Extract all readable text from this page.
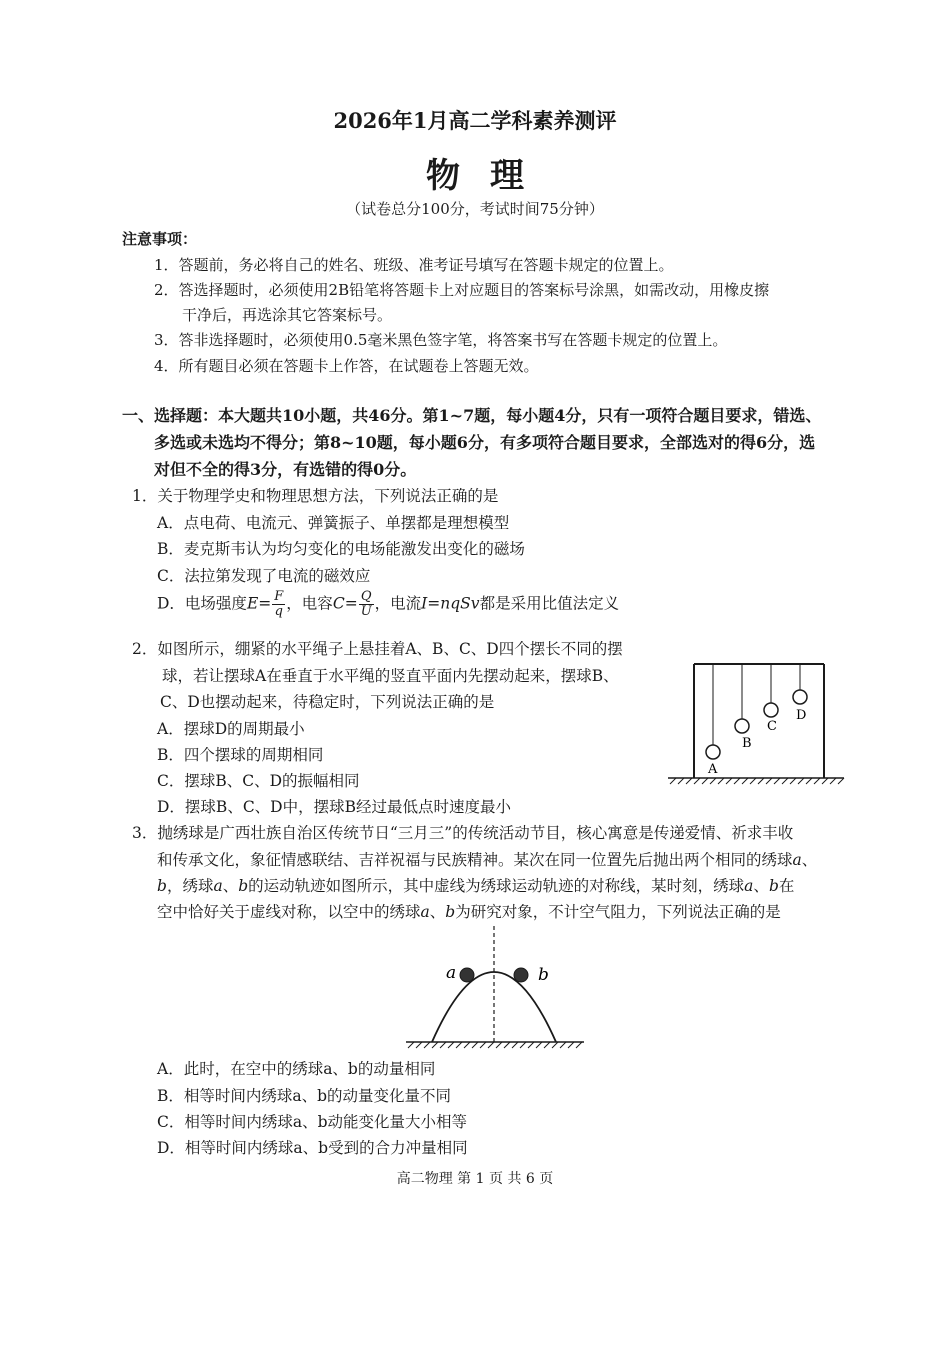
2026年1月高二学科素养测评
物理
（试卷总分100分，考试时间75分钟）
注意事项：
1．答题前，务必将自己的姓名、班级、准考证号填写在答题卡规定的位置上。
2．答选择题时，必须使用2B铅笔将答题卡上对应题目的答案标号涂黑，如需改动，用橡皮擦
干净后，再选涂其它答案标号。
3．答非选择题时，必须使用0.5毫米黑色签字笔，将答案书写在答题卡规定的位置上。
4．所有题目必须在答题卡上作答，在试题卷上答题无效。
一、选择题：本大题共10小题，共46分。第1~7题，每小题4分，只有一项符合题目要求，错选、
多选或未选均不得分；第8~10题，每小题6分，有多项符合题目要求，全部选对的得6分，选
对但不全的得3分，有选错的得0分。
1．关于物理学史和物理思想方法，下列说法正确的是
A．点电荷、电流元、弹簧振子、单摆都是理想模型
B．麦克斯韦认为均匀变化的电场能激发出变化的磁场
C．法拉第发现了电流的磁效应
D．电场强度$E= \frac{F}{q}$ ，电容$C= \frac{Q}{U}$ ，电流I=nqSv都是采用比值法定义
2．如图所示，绷紧的水平绳子上悬挂着A、B、C、D四个摆长不同的摆
球，若让摆球A在垂直于水平绳的竖直平面内先摆动起来，摆球B、
C、D也摆动起来，待稳定时，下列说法正确的是
A．摆球D的周期最小
B．四个摆球的周期相同
C．摆球B、C、D的振幅相同
D．摆球B、C、D中，摆球B经过最低点时速度最小
A
B
C
D
3．抛绣球是广西壮族自治区传统节日“三月三”的传统活动节目，核心寓意是传递爱情、祈求丰收
和传承文化，象征情感联结、吉祥祝福与民族精神。某次在同一位置先后抛出两个相同的绣球a、
b，绣球a、b的运动轨迹如图所示，其中虚线为绣球运动轨迹的对称线，某时刻，绣球a、b在
空中恰好关于虚线对称，以空中的绣球a、b为研究对象，不计空气阻力，下列说法正确的是
a	b
A．此时，在空中的绣球a、b的动量相同
B．相等时间内绣球a、b的动量变化量不同
C．相等时间内绣球a、b动能变化量大小相等
D．相等时间内绣球a、b受到的合力冲量相同
高二物理 第 1 页 共 6 页
